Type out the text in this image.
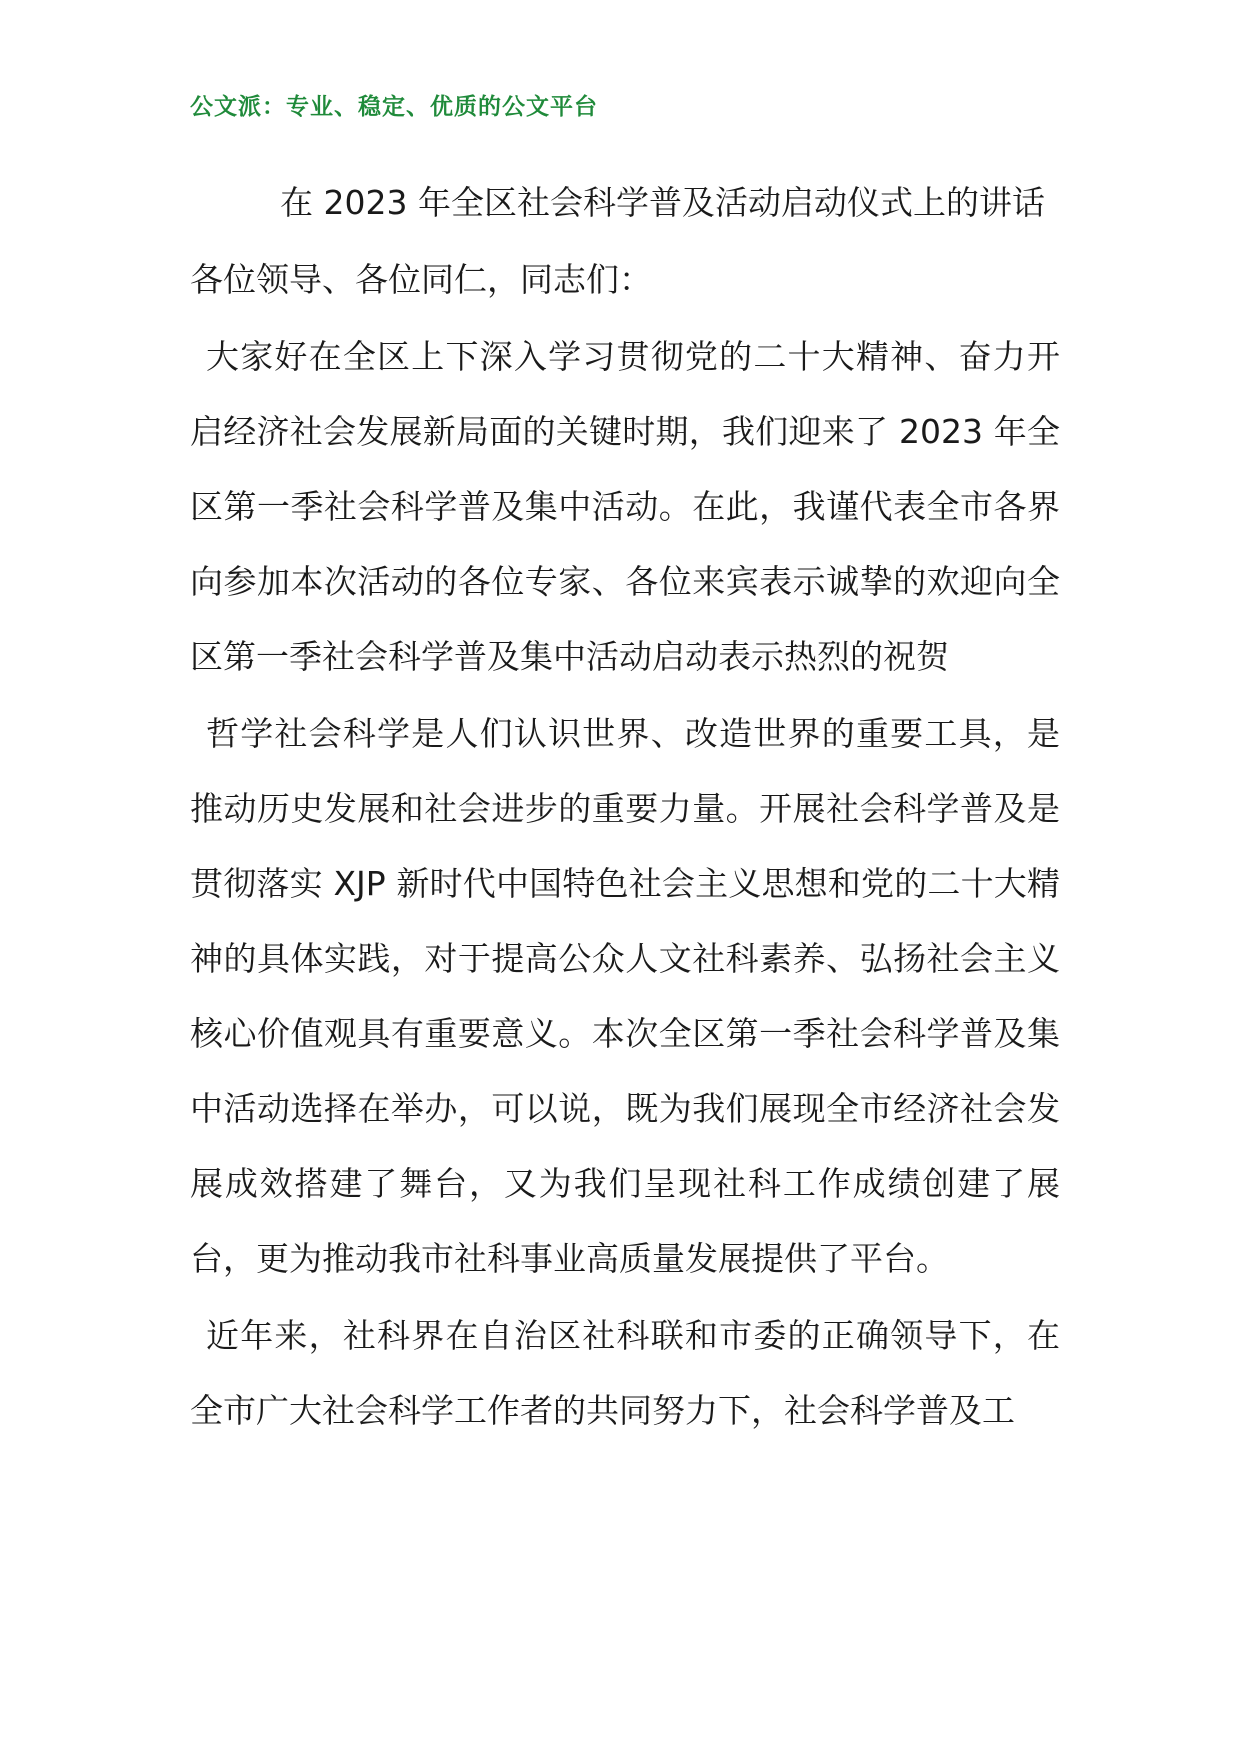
公文派：专业、稳定、优质的公文平台
在 2023 年全区社会科学普及活动启动仪式上的讲话
各位领导、各位同仁，同志们：

大家好在全区上下深入学习贯彻党的二十大精神、奋力开启经济社会发展新局面的关键时期，我们迎来了 2023 年全区第一季社会科学普及集中活动。在此，我谨代表全市各界向参加本次活动的各位专家、各位来宾表示诚挚的欢迎向全区第一季社会科学普及集中活动启动表示热烈的祝贺

哲学社会科学是人们认识世界、改造世界的重要工具，是推动历史发展和社会进步的重要力量。开展社会科学普及是贯彻落实 XJP 新时代中国特色社会主义思想和党的二十大精神的具体实践，对于提高公众人文社科素养、弘扬社会主义核心价值观具有重要意义。本次全区第一季社会科学普及集中活动选择在举办，可以说，既为我们展现全市经济社会发展成效搭建了舞台，又为我们呈现社科工作成绩创建了展台，更为推动我市社科事业高质量发展提供了平台。

近年来，社科界在自治区社科联和市委的正确领导下，在全市广大社会科学工作者的共同努力下，社会科学普及工
